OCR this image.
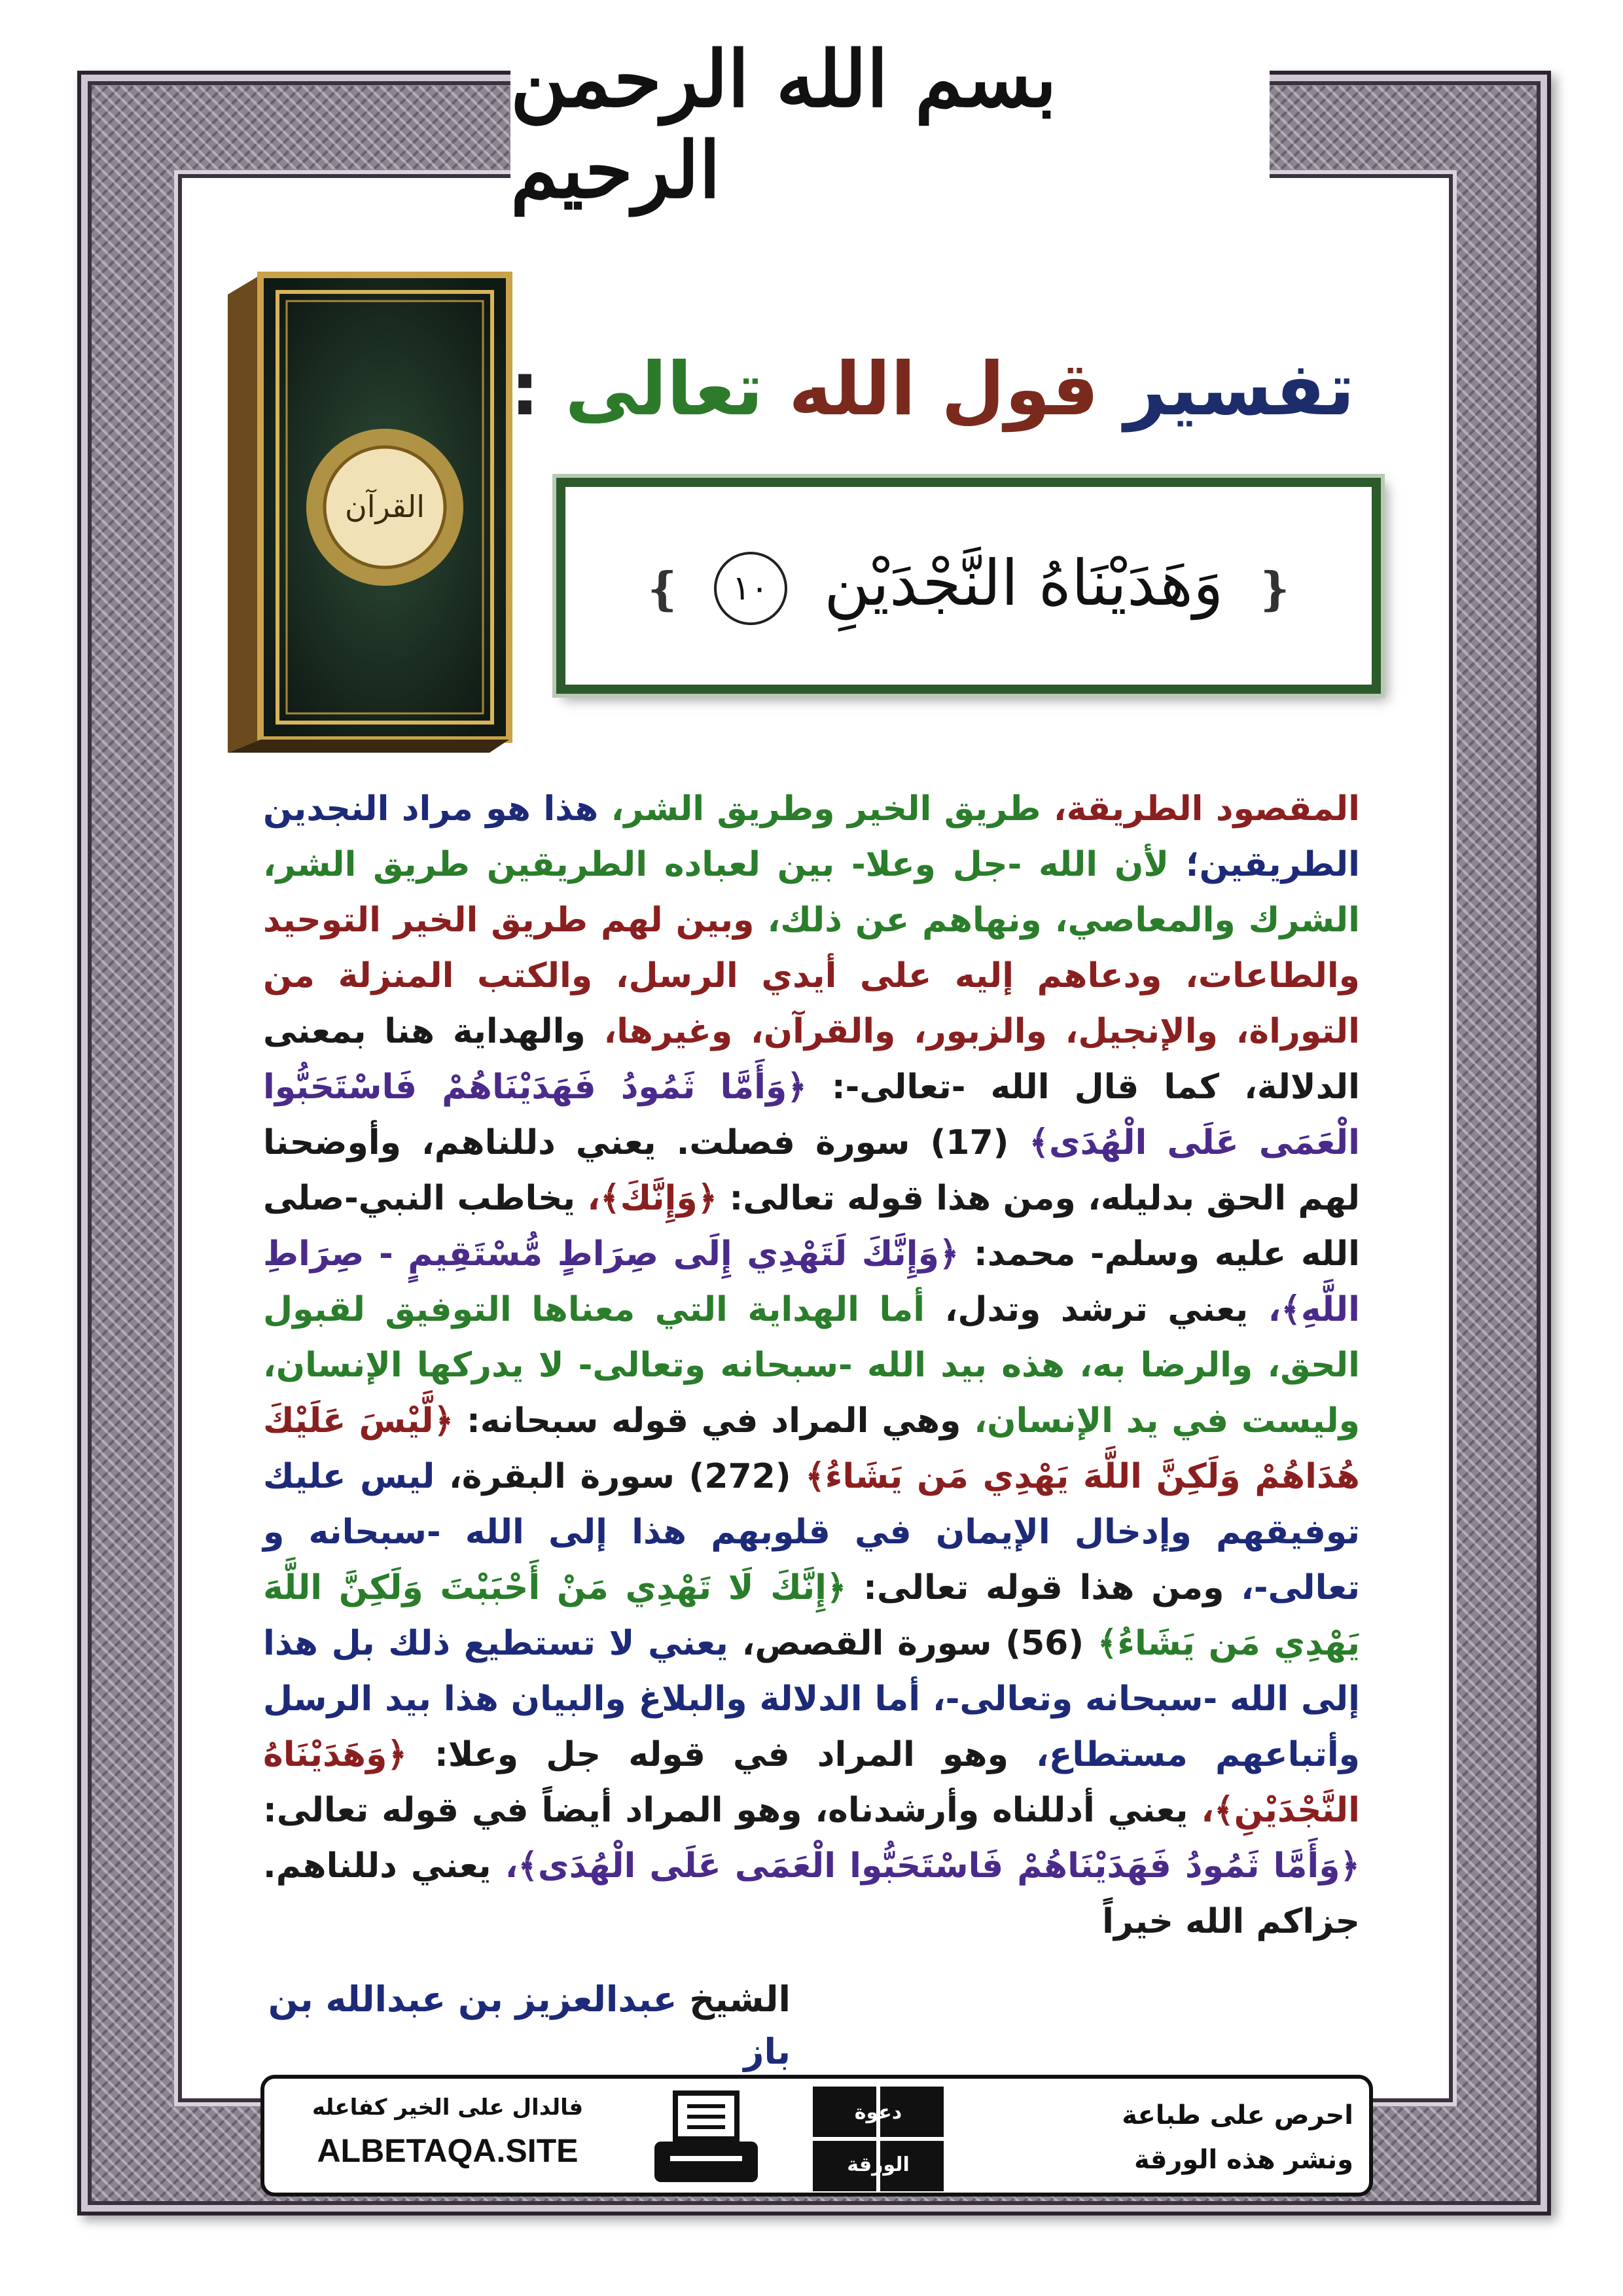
بسم الله الرحمن الرحيم
القرآن
تفسير قول الله تعالى :
❴ وَهَدَيْنَاهُ النَّجْدَيْنِ ١٠ ❵
المقصود الطريقة، طريق الخير وطريق الشر، هذا هو مراد النجدين الطريقين؛ لأن الله -جل وعلا- بين لعباده الطريقين طريق الشر، الشرك والمعاصي، ونهاهم عن ذلك، وبين لهم طريق الخير التوحيد والطاعات، ودعاهم إليه على أيدي الرسل، والكتب المنزلة من التوراة، والإنجيل، والزبور، والقرآن، وغيرها، والهداية هنا بمعنى الدلالة، كما قال الله -تعالى-: ﴿وَأَمَّا ثَمُودُ فَهَدَيْنَاهُمْ فَاسْتَحَبُّوا الْعَمَى عَلَى الْهُدَى﴾ (17) سورة فصلت. يعني دللناهم، وأوضحنا لهم الحق بدليله، ومن هذا قوله تعالى: ﴿وَإِنَّكَ﴾، يخاطب النبي-صلى الله عليه وسلم- محمد: ﴿وَإِنَّكَ لَتَهْدِي إِلَى صِرَاطٍ مُّسْتَقِيمٍ - صِرَاطِ اللَّهِ﴾، يعني ترشد وتدل، أما الهداية التي معناها التوفيق لقبول الحق، والرضا به، هذه بيد الله -سبحانه وتعالى- لا يدركها الإنسان، وليست في يد الإنسان، وهي المراد في قوله سبحانه: ﴿لَّيْسَ عَلَيْكَ هُدَاهُمْ وَلَكِنَّ اللَّهَ يَهْدِي مَن يَشَاءُ﴾ (272) سورة البقرة، ليس عليك توفيقهم وإدخال الإيمان في قلوبهم هذا إلى الله -سبحانه و تعالى-، ومن هذا قوله تعالى: ﴿إِنَّكَ لَا تَهْدِي مَنْ أَحْبَبْتَ وَلَكِنَّ اللَّهَ يَهْدِي مَن يَشَاءُ﴾ (56) سورة القصص، يعني لا تستطيع ذلك بل هذا إلى الله -سبحانه وتعالى-، أما الدلالة والبلاغ والبيان هذا بيد الرسل وأتباعهم مستطاع، وهو المراد في قوله جل وعلا: ﴿وَهَدَيْنَاهُ النَّجْدَيْنِ﴾، يعني أدللناه وأرشدناه، وهو المراد أيضاً في قوله تعالى: ﴿وَأَمَّا ثَمُودُ فَهَدَيْنَاهُمْ فَاسْتَحَبُّوا الْعَمَى عَلَى الْهُدَى﴾، يعني دللناهم. جزاكم الله خيراً
الشيخ عبدالعزيز بن عبدالله بن باز
فالدال على الخير كفاعله
ALBETAQA.SITE
دعوة
الورقة
احرص على طباعة
ونشر هذه الورقة
